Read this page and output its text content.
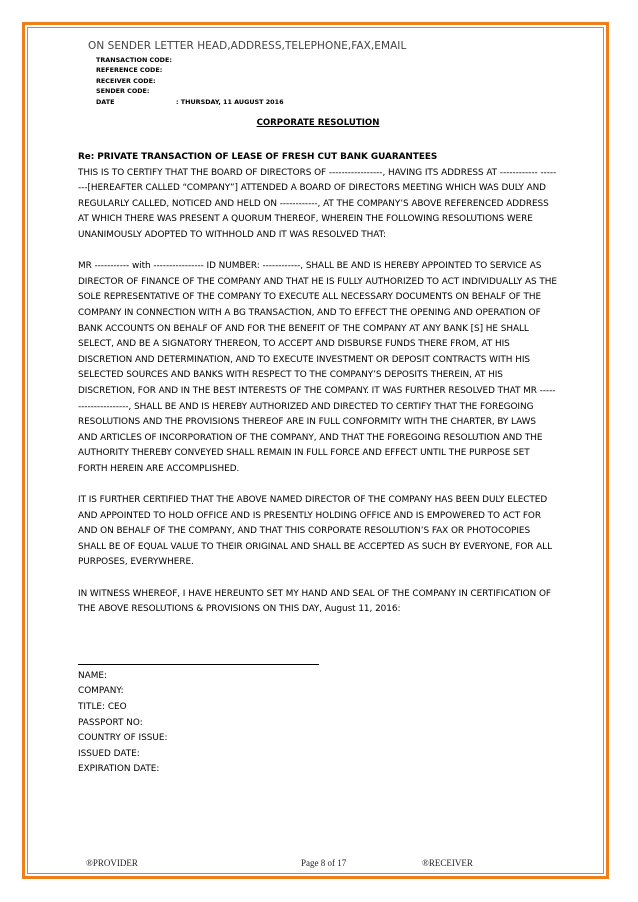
ON SENDER LETTER HEAD,ADDRESS,TELEPHONE,FAX,EMAIL
TRANSACTION CODE:
REFERENCE CODE:
RECEIVER CODE:
SENDER CODE:
DATE	: THURSDAY, 11 AUGUST 2016
CORPORATE RESOLUTION
Re: PRIVATE TRANSACTION OF LEASE OF FRESH CUT BANK GUARANTEES

THIS IS TO CERTIFY THAT THE BOARD OF DIRECTORS OF -----------------, HAVING ITS ADDRESS AT ------------ --------[HEREAFTER CALLED “COMPANY”] ATTENDED A BOARD OF DIRECTORS MEETING WHICH WAS DULY AND REGULARLY CALLED, NOTICED AND HELD ON ------------, AT THE COMPANY’S ABOVE REFERENCED ADDRESS AT WHICH THERE WAS PRESENT A QUORUM THEREOF, WHEREIN THE FOLLOWING RESOLUTIONS WERE UNANIMOUSLY ADOPTED TO WITHHOLD AND IT WAS RESOLVED THAT:

MR ----------- with ---------------- ID NUMBER: ------------, SHALL BE AND IS HEREBY APPOINTED TO SERVICE AS DIRECTOR OF FINANCE OF THE COMPANY AND THAT HE IS FULLY AUTHORIZED TO ACT INDIVIDUALLY AS THE SOLE REPRESENTATIVE OF THE COMPANY TO EXECUTE ALL NECESSARY DOCUMENTS ON BEHALF OF THE COMPANY IN CONNECTION WITH A BG TRANSACTION, AND TO EFFECT THE OPENING AND OPERATION OF BANK ACCOUNTS ON BEHALF OF AND FOR THE BENEFIT OF THE COMPANY AT ANY BANK [S] HE SHALL SELECT, AND BE A SIGNATORY THEREON, TO ACCEPT AND DISBURSE FUNDS THERE FROM, AT HIS DISCRETION AND DETERMINATION, AND TO EXECUTE INVESTMENT OR DEPOSIT CONTRACTS WITH HIS SELECTED SOURCES AND BANKS WITH RESPECT TO THE COMPANY’S DEPOSITS THEREIN, AT HIS DISCRETION, FOR AND IN THE BEST INTERESTS OF THE COMPANY. IT WAS FURTHER RESOLVED THAT MR ---------------------, SHALL BE AND IS HEREBY AUTHORIZED AND DIRECTED TO CERTIFY THAT THE FOREGOING RESOLUTIONS AND THE PROVISIONS THEREOF ARE IN FULL CONFORMITY WITH THE CHARTER, BY LAWS AND ARTICLES OF INCORPORATION OF THE COMPANY, AND THAT THE FOREGOING RESOLUTION AND THE AUTHORITY THEREBY CONVEYED SHALL REMAIN IN FULL FORCE AND EFFECT UNTIL THE PURPOSE SET FORTH HEREIN ARE ACCOMPLISHED.

IT IS FURTHER CERTIFIED THAT THE ABOVE NAMED DIRECTOR OF THE COMPANY HAS BEEN DULY ELECTED AND APPOINTED TO HOLD OFFICE AND IS PRESENTLY HOLDING OFFICE AND IS EMPOWERED TO ACT FOR AND ON BEHALF OF THE COMPANY, AND THAT THIS CORPORATE RESOLUTION’S FAX OR PHOTOCOPIES SHALL BE OF EQUAL VALUE TO THEIR ORIGINAL AND SHALL BE ACCEPTED AS SUCH BY EVERYONE, FOR ALL PURPOSES, EVERYWHERE.

IN WITNESS WHEREOF, I HAVE HEREUNTO SET MY HAND AND SEAL OF THE COMPANY IN CERTIFICATION OF THE ABOVE RESOLUTIONS & PROVISIONS ON THIS DAY, August 11, 2016:

NAME:
COMPANY:
TITLE: CEO
PASSPORT NO:
COUNTRY OF ISSUE:
ISSUED DATE:
EXPIRATION DATE:
®PROVIDER	Page 8 of 17	®RECEIVER
